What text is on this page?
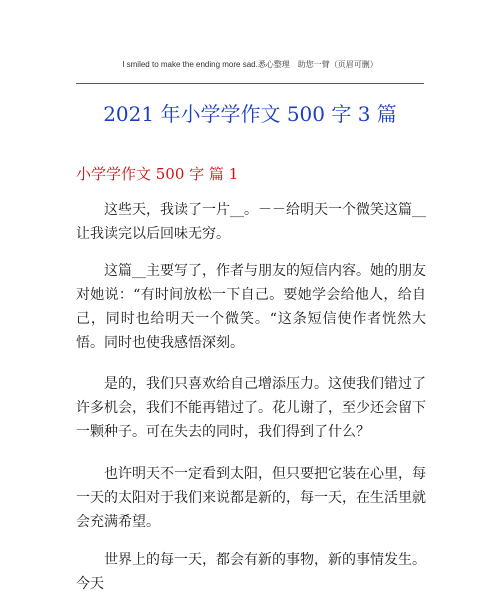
I smiled to make the ending more sad.悉心整理　助您一臂（页眉可删）
2021 年小学学作文 500 字 3 篇
小学学作文 500 字 篇 1
这些天，我读了一片__。－－给明天一个微笑这篇__让我读完以后回味无穷。
这篇__主要写了，作者与朋友的短信内容。她的朋友对她说：“有时间放松一下自己。要她学会给他人，给自己，同时也给明天一个微笑。“这条短信使作者恍然大悟。同时也使我感悟深刻。
是的，我们只喜欢给自己增添压力。这使我们错过了许多机会，我们不能再错过了。花儿谢了，至少还会留下一颗种子。可在失去的同时，我们得到了什么？
也许明天不一定看到太阳，但只要把它装在心里，每一天的太阳对于我们来说都是新的，每一天，在生活里就会充满希望。
世界上的每一天，都会有新的事物，新的事情发生。今天
